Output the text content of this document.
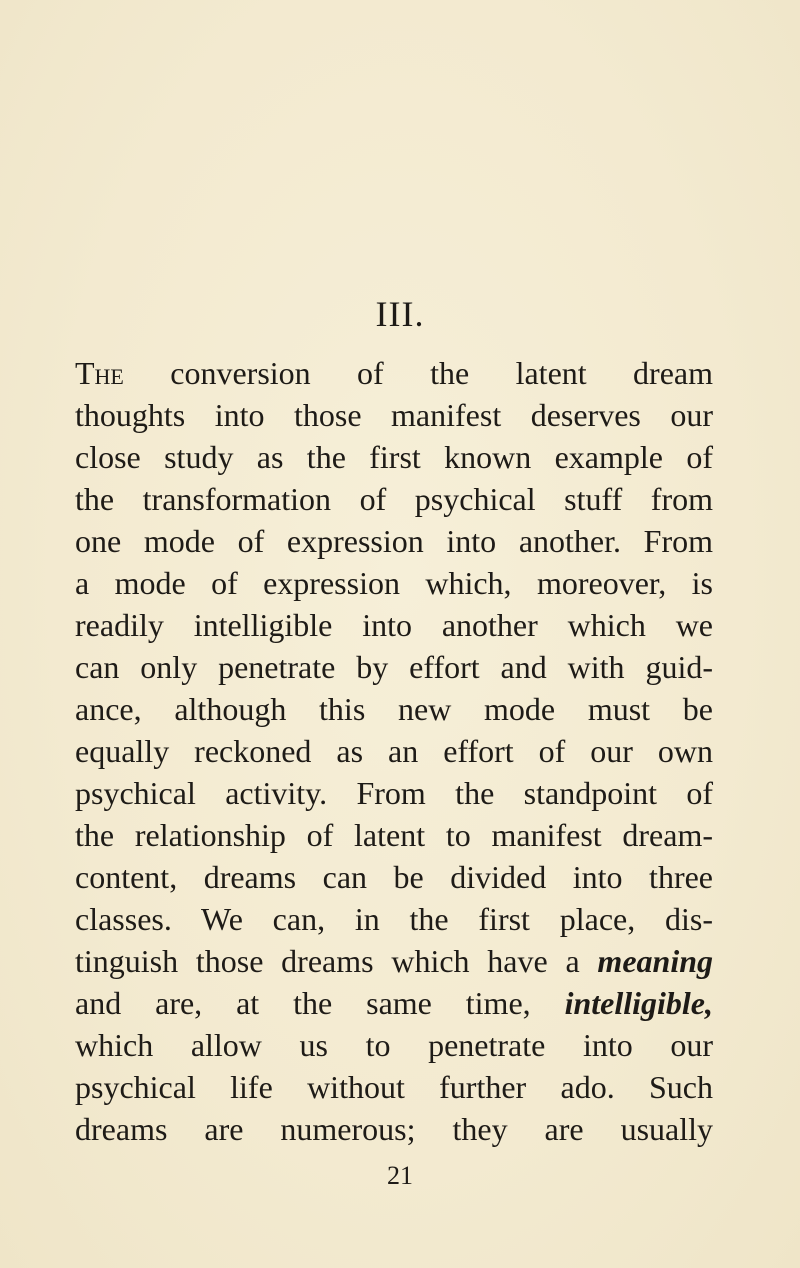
III.
The conversion of the latent dream
thoughts into those manifest deserves our
close study as the first known example of
the transformation of psychical stuff from
one mode of expression into another. From
a mode of expression which, moreover, is
readily intelligible into another which we
can only penetrate by effort and with guid-
ance, although this new mode must be
equally reckoned as an effort of our own
psychical activity. From the standpoint of
the relationship of latent to manifest dream-
content, dreams can be divided into three
classes. We can, in the first place, dis-
tinguish those dreams which have a meaning
and are, at the same time, intelligible,
which allow us to penetrate into our
psychical life without further ado. Such
dreams are numerous; they are usually
21
